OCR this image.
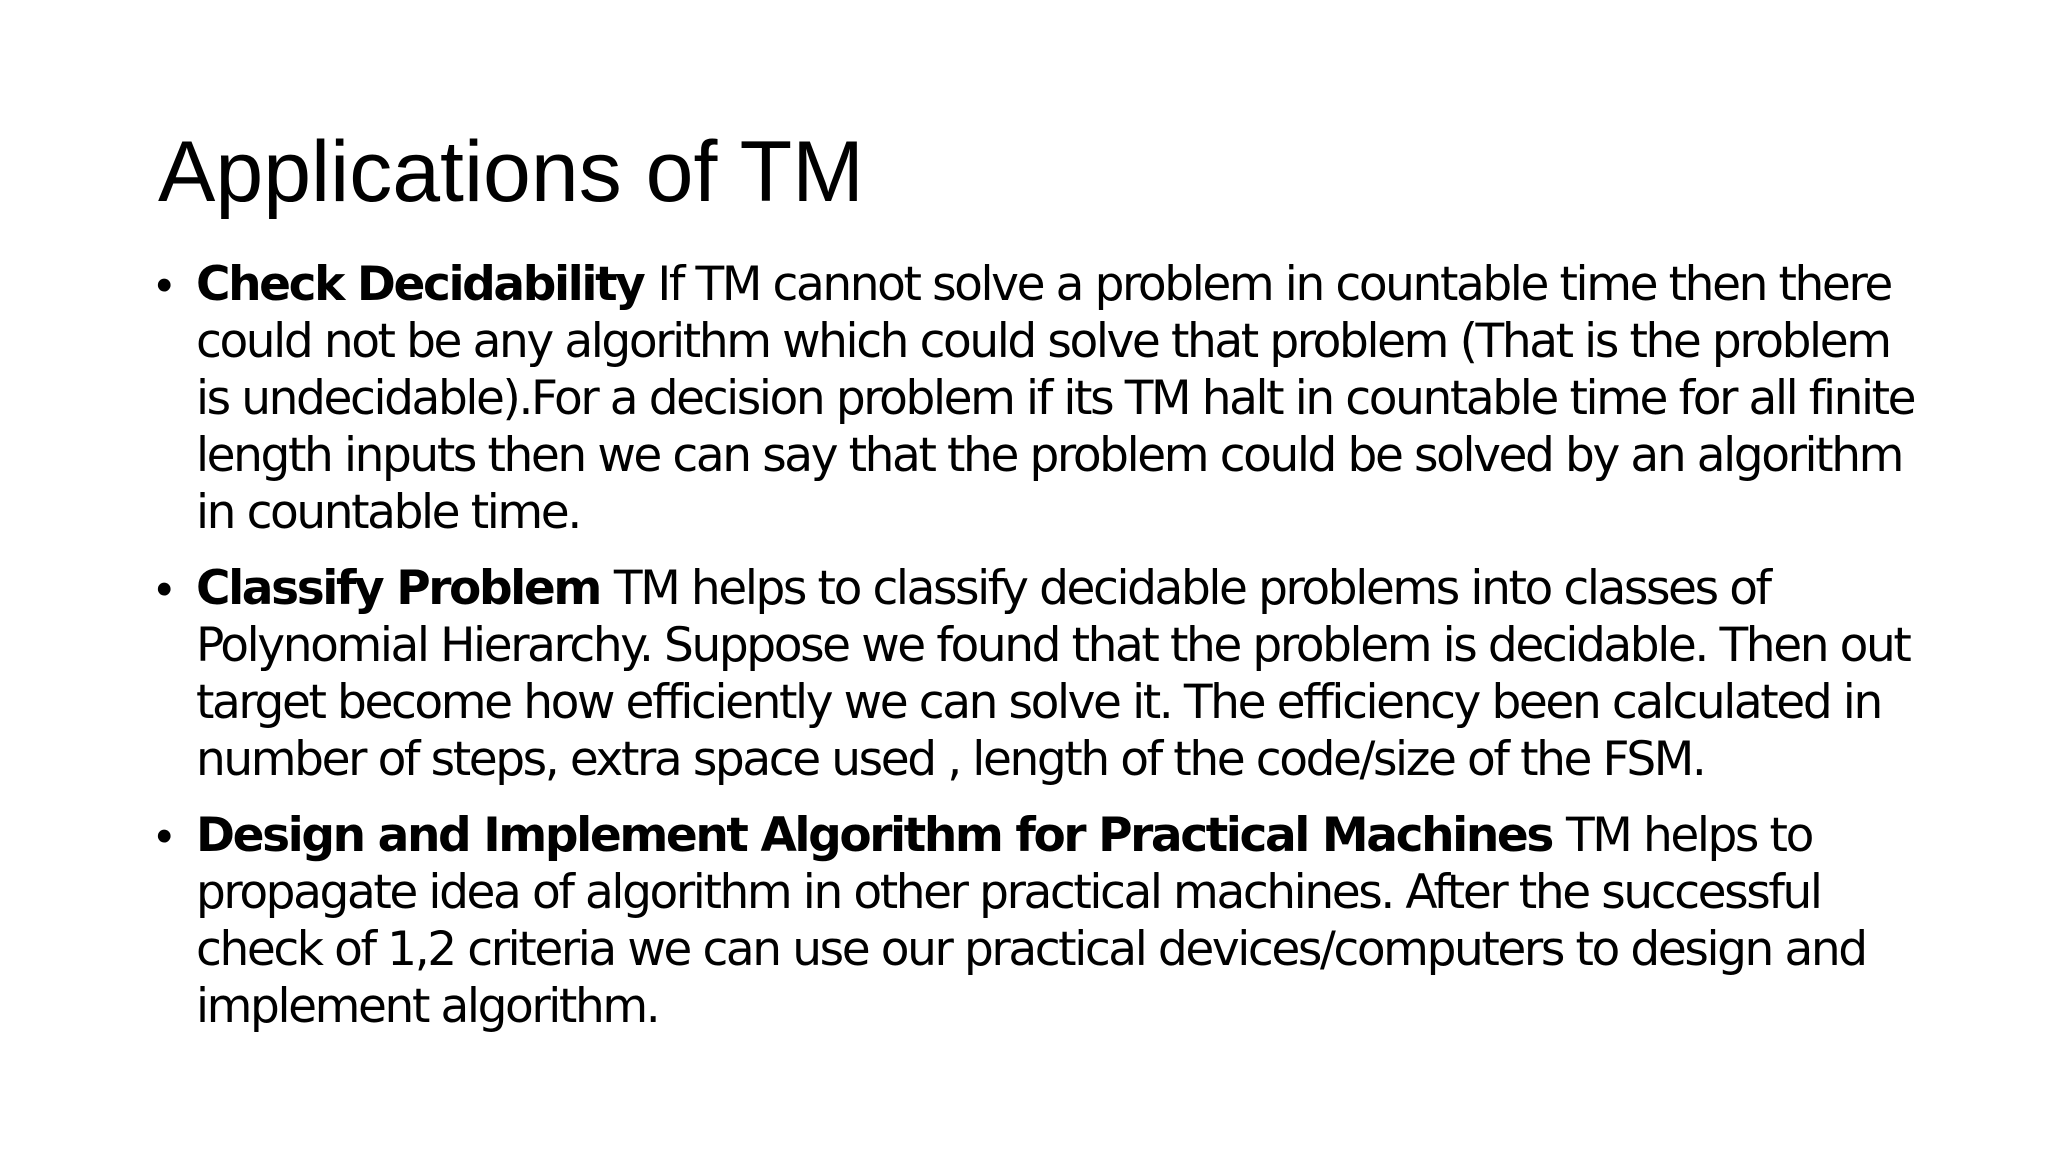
Applications of TM
• Check Decidability If TM cannot solve a problem in countable time then there could not be any algorithm which could solve that problem (That is the problem is undecidable).For a decision problem if its TM halt in countable time for all finite length inputs then we can say that the problem could be solved by an algorithm in countable time.
• Classify Problem TM helps to classify decidable problems into classes of Polynomial Hierarchy. Suppose we found that the problem is decidable. Then out target become how efficiently we can solve it. The efficiency been calculated in number of steps, extra space used , length of the code/size of the FSM.
• Design and Implement Algorithm for Practical Machines TM helps to propagate idea of algorithm in other practical machines. After the successful check of 1,2 criteria we can use our practical devices/computers to design and implement algorithm.
